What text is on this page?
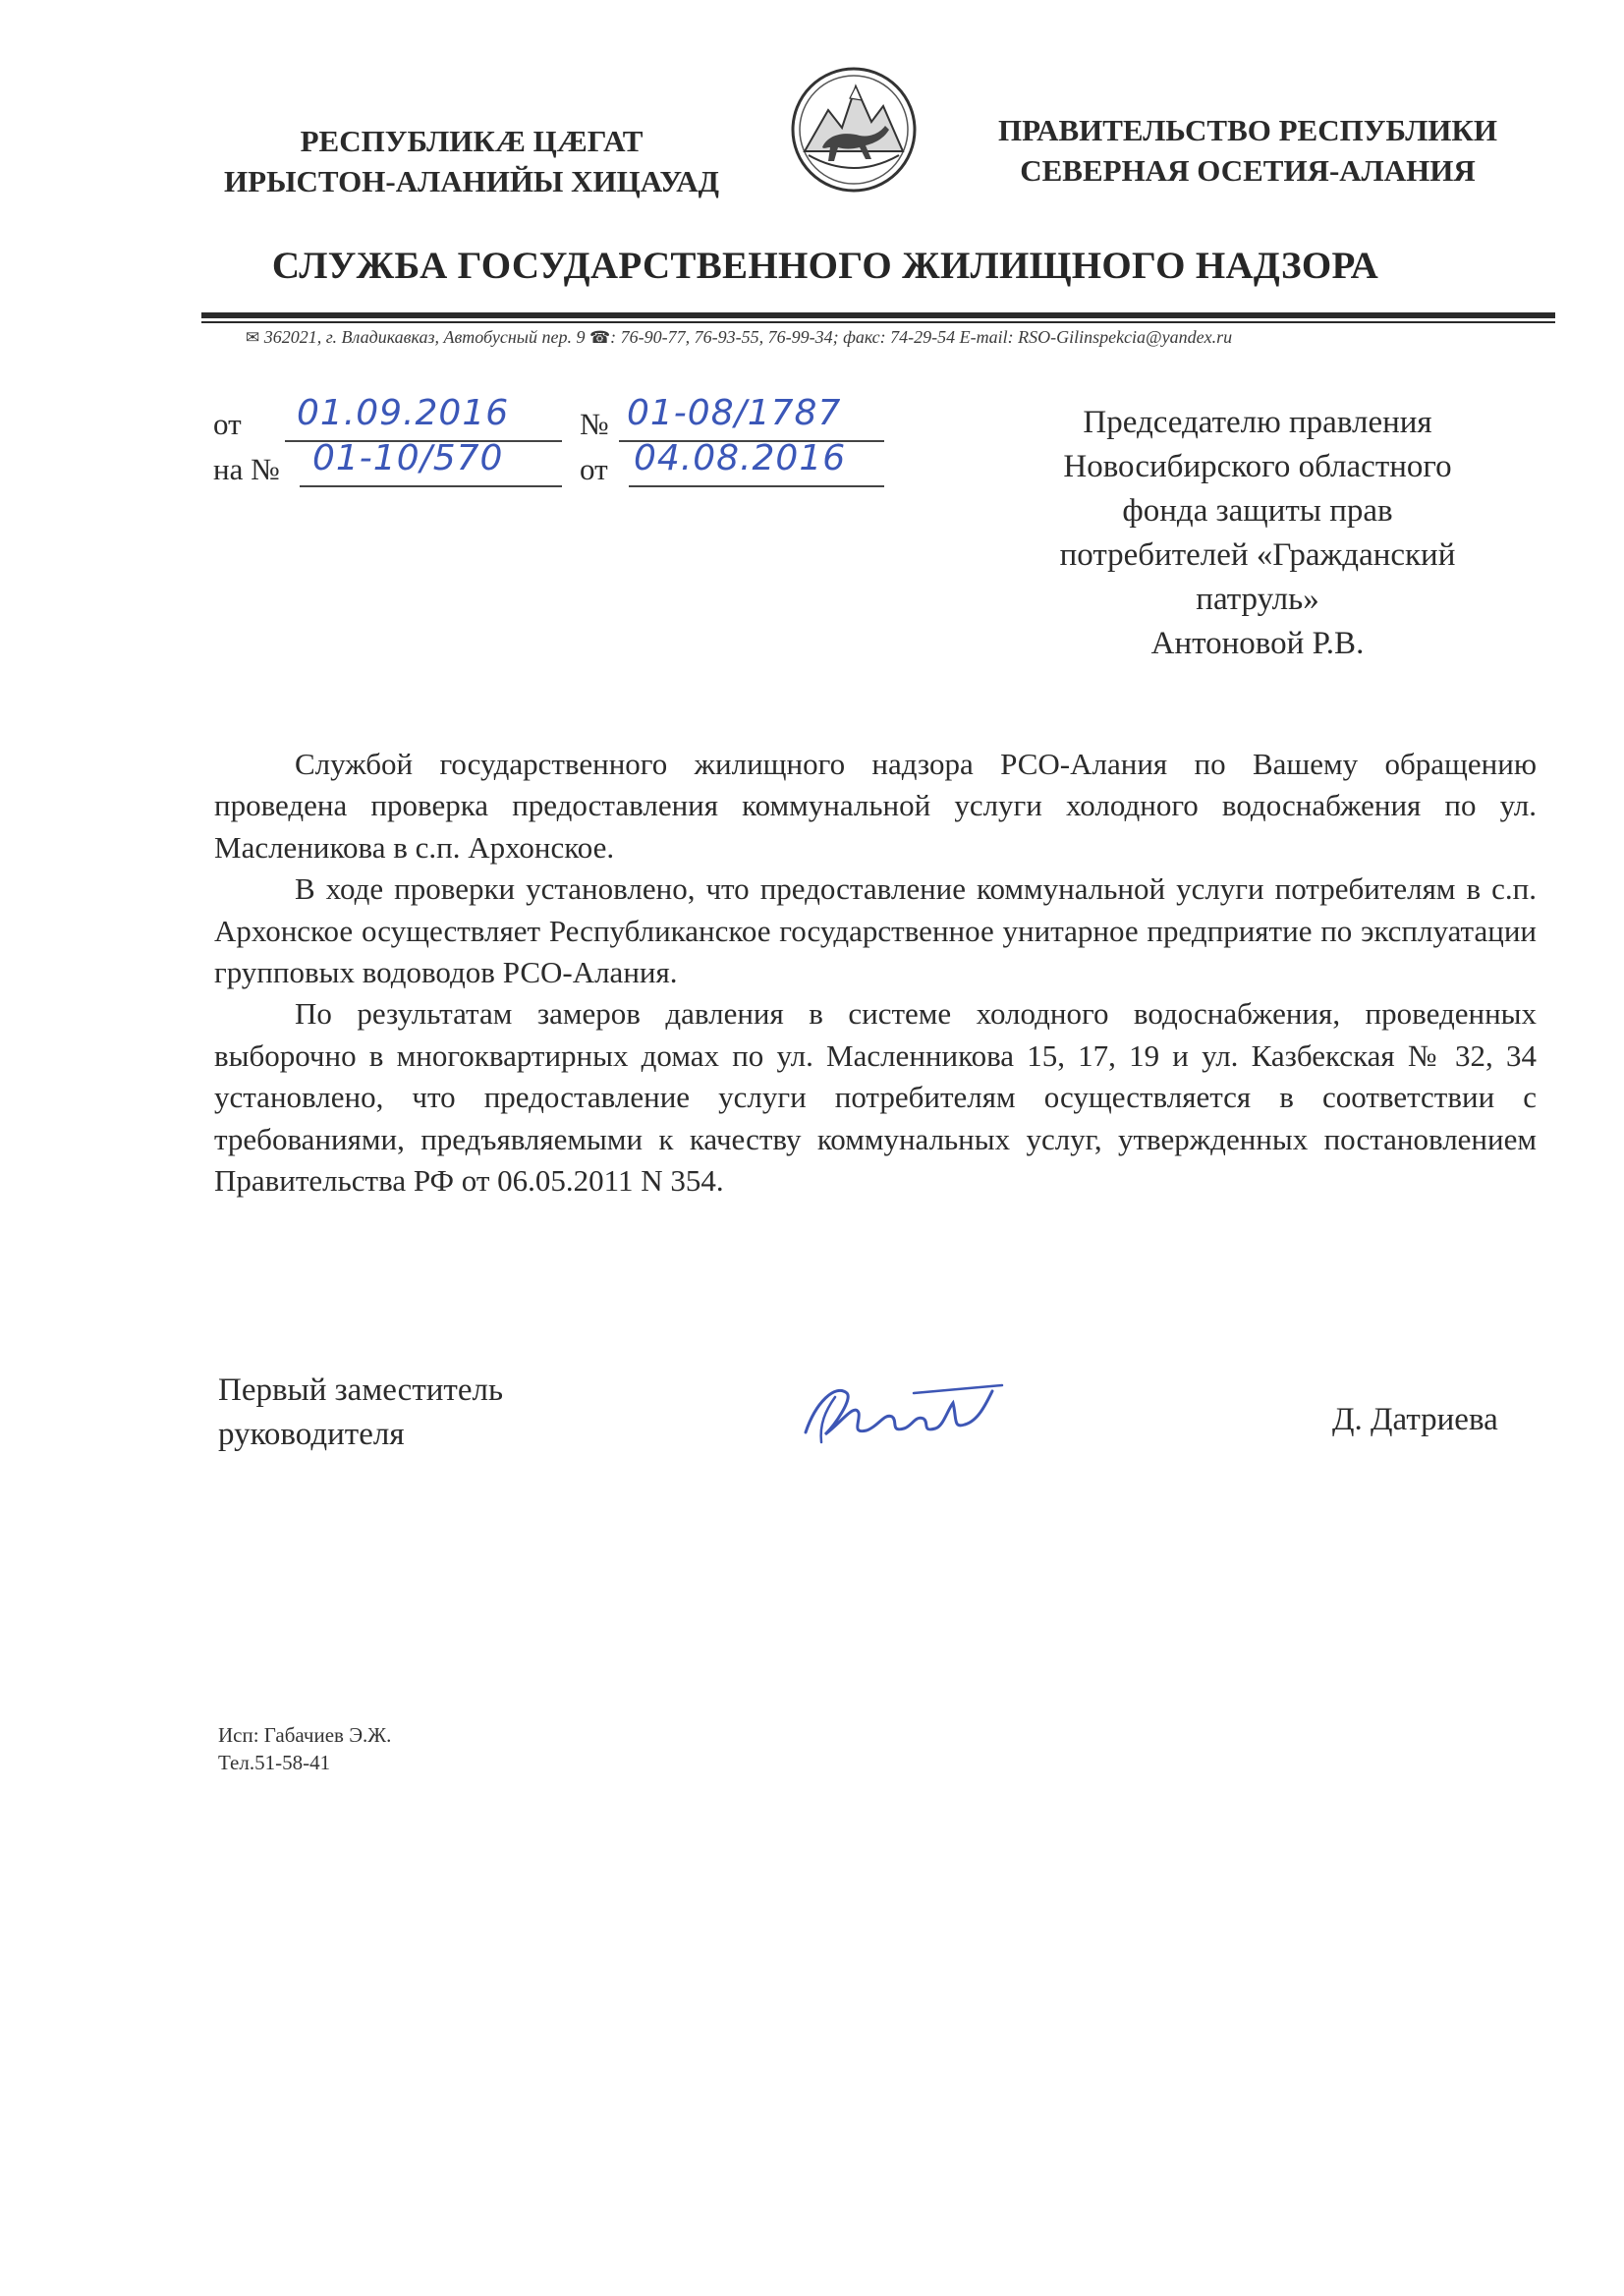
РЕСПУБЛИКÆ ЦÆГАТ
ИРЫСТОН-АЛАНИЙЫ ХИЦАУАД
ПРАВИТЕЛЬСТВО РЕСПУБЛИКИ
СЕВЕРНАЯ ОСЕТИЯ-АЛАНИЯ
СЛУЖБА ГОСУДАРСТВЕННОГО ЖИЛИЩНОГО НАДЗОРА
✉ 362021, г. Владикавказ, Автобусный пер. 9 ☎: 76-90-77, 76-93-55, 76-99-34; факс: 74-29-54 E-mail: RSO-Gilinspekcia@yandex.ru
от 01.09.2016 № 01-08/1787
на № 01-10/570	от 04.08.2016
Председателю правления
Новосибирского областного
фонда защиты прав
потребителей «Гражданский
патруль»
Антоновой Р.В.

Службой государственного жилищного надзора РСО-Алания по Вашему обращению проведена проверка предоставления коммунальной услуги холодного водоснабжения по ул. Масленикова в с.п. Архонское.

В ходе проверки установлено, что предоставление коммунальной услуги потребителям в с.п. Архонское осуществляет Республиканское государственное унитарное предприятие по эксплуатации групповых водоводов РСО-Алания.

По результатам замеров давления в системе холодного водоснабжения, проведенных выборочно в многоквартирных домах по ул. Масленникова 15, 17, 19 и ул. Казбекская № 32, 34 установлено, что предоставление услуги потребителям осуществляется в соответствии с требованиями, предъявляемыми к качеству коммунальных услуг, утвержденных постановлением Правительства РФ от 06.05.2011 N 354.

Первый заместитель
руководителя	Д. Датриева
Исп: Габачиев Э.Ж.
Тел.51-58-41
